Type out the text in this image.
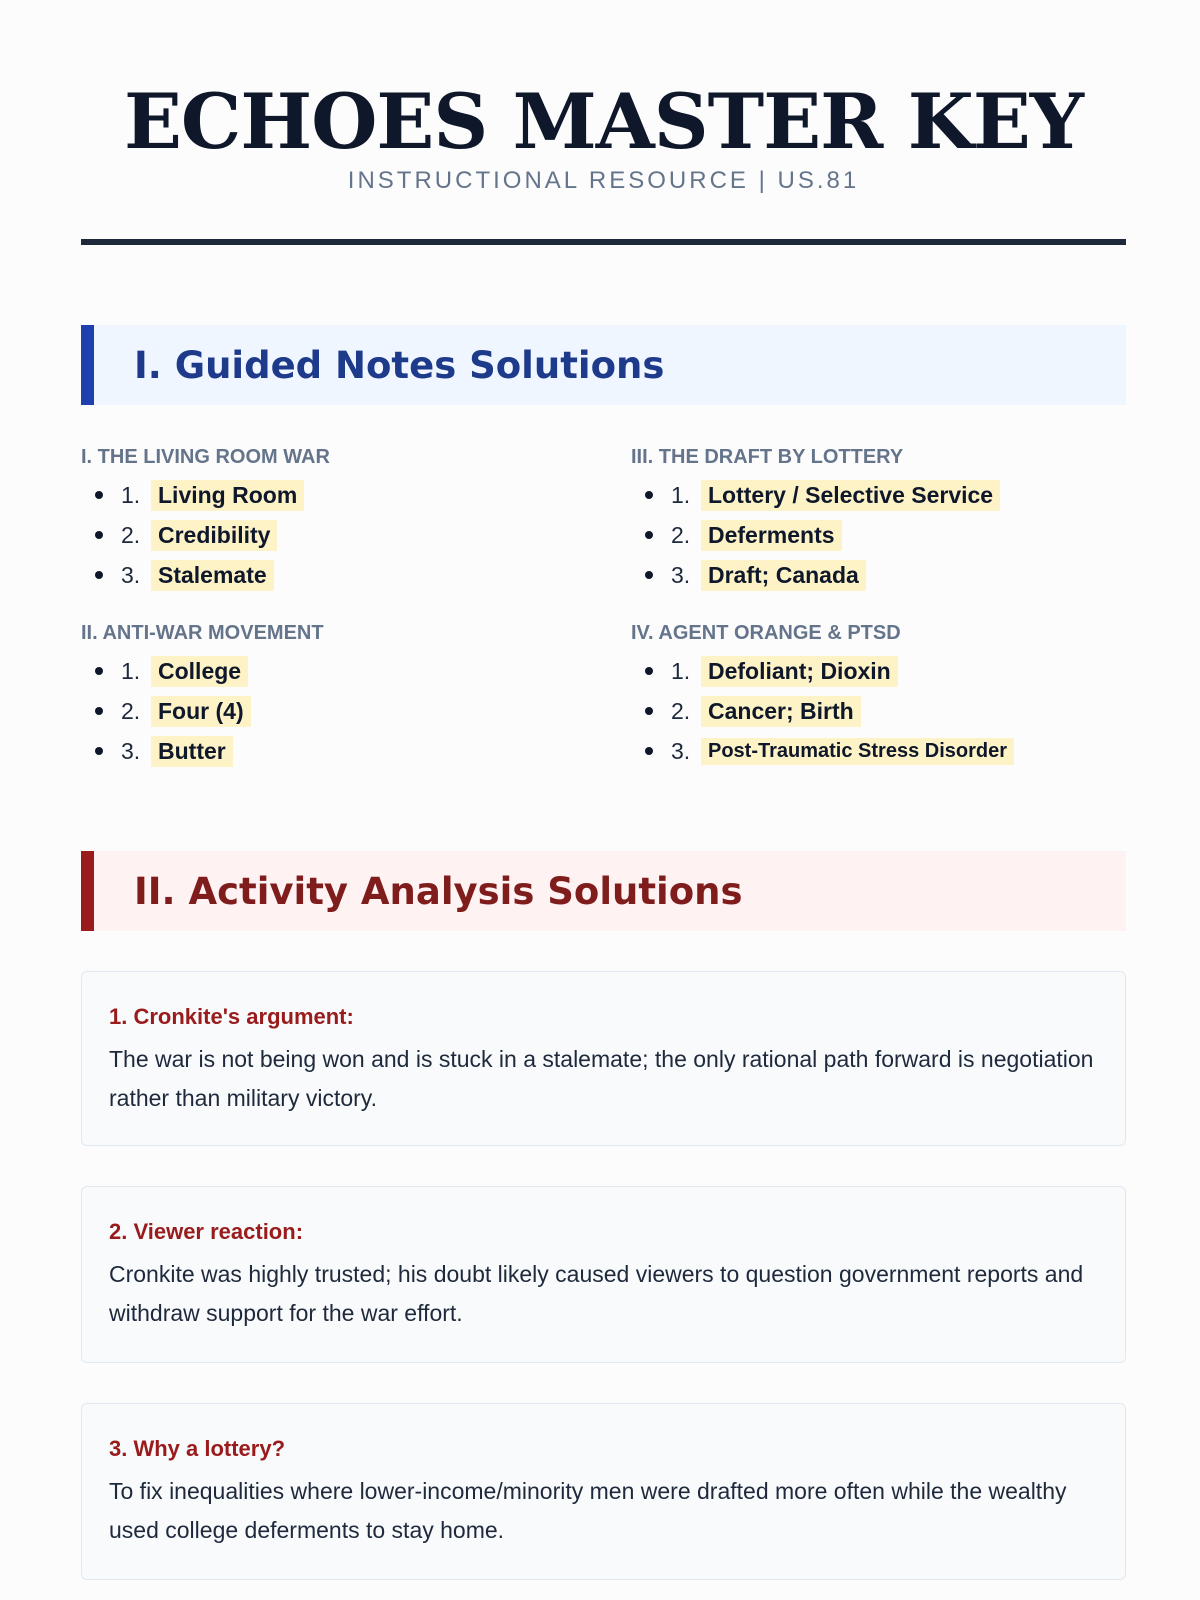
ECHOES MASTER KEY
INSTRUCTIONAL RESOURCE | US.81
I. Guided Notes Solutions
I. THE LIVING ROOM WAR
1. Living Room
2. Credibility
3. Stalemate
II. ANTI-WAR MOVEMENT
1. College
2. Four (4)
3. Butter
III. THE DRAFT BY LOTTERY
1. Lottery / Selective Service
2. Deferments
3. Draft; Canada
IV. AGENT ORANGE & PTSD
1. Defoliant; Dioxin
2. Cancer; Birth
3. Post-Traumatic Stress Disorder
II. Activity Analysis Solutions
1. Cronkite's argument:

The war is not being won and is stuck in a stalemate; the only rational path forward is negotiation rather than military victory.

2. Viewer reaction:

Cronkite was highly trusted; his doubt likely caused viewers to question government reports and withdraw support for the war effort.

3. Why a lottery?

To fix inequalities where lower-income/minority men were drafted more often while the wealthy used college deferments to stay home.
